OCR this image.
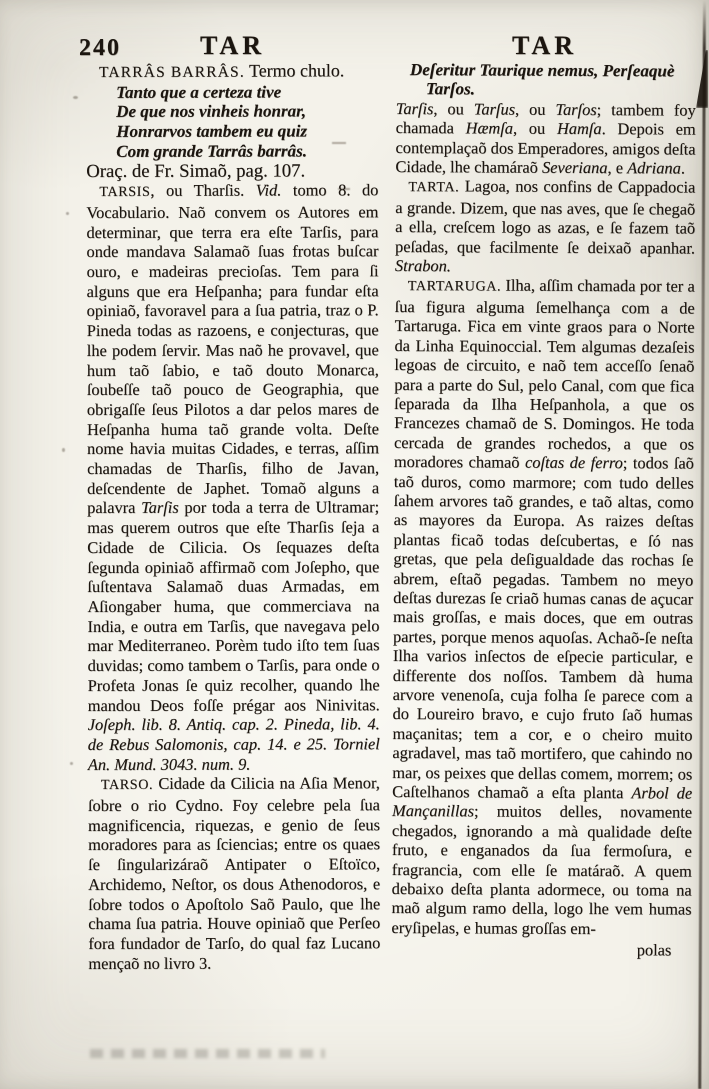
240	TAR	TAR

TARRÂS BARRÂS. Termo chulo.

Tanto que a certeza tive
De que nos vinheis honrar,
Honrarvos tambem eu quiz
Com grande Tarrâs barrâs.

Oraç. de Fr. Simaõ, pag. 107.

TARSIS, ou Tharſis. Vid. tomo 8. do Vocabulario. Naõ convem os Autores em determinar, que terra era eſte Tarſis, para onde mandava Salamaõ ſuas frotas buſcar ouro, e madeiras precioſas. Tem para ſi alguns que era Heſpanha; para fundar eſta opiniaõ, favoravel para a ſua patria, traz o P. Pineda todas as razoens, e conjecturas, que lhe podem ſervir. Mas naõ he provavel, que hum taõ ſabio, e taõ douto Monarca, ſoubeſſe taõ pouco de Geographia, que obrigaſſe ſeus Pilotos a dar pelos mares de Heſpanha huma taõ grande volta. Deſte nome havia muitas Cidades, e terras, aſſim chamadas de Tharſis, filho de Javan, deſcendente de Japhet. Tomaõ alguns a palavra Tarſis por toda a terra de Ultramar; mas querem outros que eſte Tharſis ſeja a Cidade de Cilicia. Os ſequazes deſta ſegunda opiniaõ affirmaõ com Joſepho, que ſuſtentava Salamaõ duas Armadas, em Aſiongaber huma, que commerciava na India, e outra em Tarſis, que navegava pelo mar Mediterraneo. Porèm tudo iſto tem ſuas duvidas; como tambem o Tarſis, para onde o Profeta Jonas ſe quiz recolher, quando lhe mandou Deos foſſe prégar aos Ninivitas. Joſeph. lib. 8. Antiq. cap. 2. Pineda, lib. 4. de Rebus Salomonis, cap. 14. e 25. Torniel An. Mund. 3043. num. 9.

TARSO. Cidade da Cilicia na Aſia Menor, ſobre o rio Cydno. Foy celebre pela ſua magnificencia, riquezas, e genio de ſeus moradores para as ſciencias; entre os quaes ſe ſingularizáraõ Antipater o Eſtoïco, Archidemo, Neſtor, os dous Athenodoros, e ſobre todos o Apoſtolo Saõ Paulo, que lhe chama ſua patria. Houve opiniaõ que Perſeo fora fundador de Tarſo, do qual faz Lucano mençaõ no livro 3.

Deſeritur Taurique nemus, Perſeaquè
Tarſos.

Tarſis, ou Tarſus, ou Tarſos; tambem foy chamada Hæmſa, ou Hamſa. Depois em contemplaçaõ dos Emperadores, amigos deſta Cidade, lhe chamáraõ Severiana, e Adriana.

TARTA. Lagoa, nos confins de Cappadocia a grande. Dizem, que nas aves, que ſe chegaõ a ella, creſcem logo as azas, e ſe fazem taõ peſadas, que facilmente ſe deixaõ apanhar. Strabon.

TARTARUGA. Ilha, aſſim chamada por ter a ſua figura alguma ſemelhança com a de Tartaruga. Fica em vinte graos para o Norte da Linha Equinoccial. Tem algumas dezaſeis legoas de circuito, e naõ tem acceſſo ſenaõ para a parte do Sul, pelo Canal, com que fica ſeparada da Ilha Heſpanhola, a que os Francezes chamaõ de S. Domingos. He toda cercada de grandes rochedos, a que os moradores chamaõ coſtas de ferro; todos ſaõ taõ duros, como marmore; com tudo delles ſahem arvores taõ grandes, e taõ altas, como as mayores da Europa. As raizes deſtas plantas ficaõ todas deſcubertas, e ſó nas gretas, que pela deſigualdade das rochas ſe abrem, eſtaõ pegadas. Tambem no meyo deſtas durezas ſe criaõ humas canas de açucar mais groſſas, e mais doces, que em outras partes, porque menos aquoſas. Achaõ-ſe neſta Ilha varios inſectos de eſpecie particular, e differente dos noſſos. Tambem dà huma arvore venenoſa, cuja folha ſe parece com a do Loureiro bravo, e cujo fruto ſaõ humas maçanitas; tem a cor, e o cheiro muito agradavel, mas taõ mortifero, que cahindo no mar, os peixes que dellas comem, morrem; os Caſtelhanos chamaõ a eſta planta Arbol de Mançanillas; muitos delles, novamente chegados, ignorando a mà qualidade deſte fruto, e enganados da ſua fermoſura, e fragrancia, com elle ſe matáraõ. A quem debaixo deſta planta adormece, ou toma na maõ algum ramo della, logo lhe vem humas eryſipelas, e humas groſſas em-

polas
